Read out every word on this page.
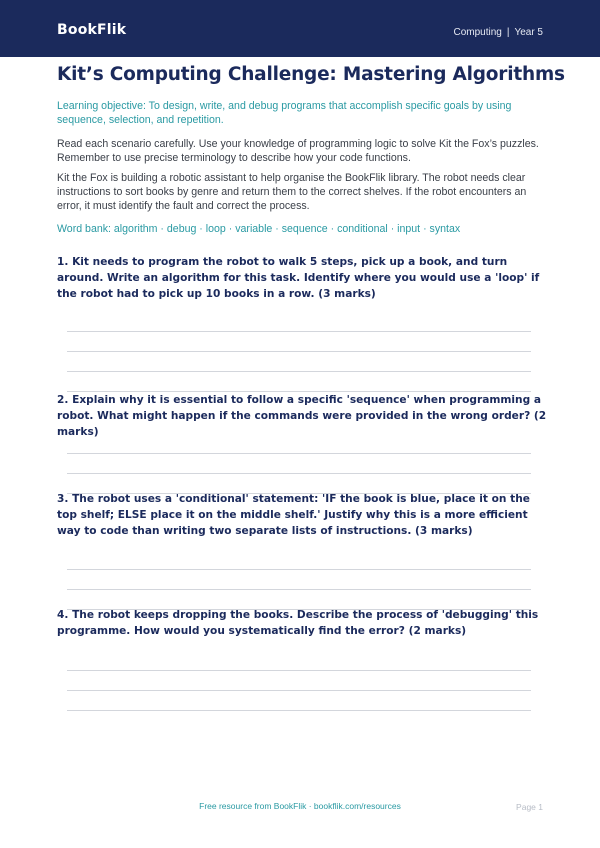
BookFlik	Computing | Year 5
Kit’s Computing Challenge: Mastering Algorithms
Learning objective: To design, write, and debug programs that accomplish specific goals by using sequence, selection, and repetition.
Read each scenario carefully. Use your knowledge of programming logic to solve Kit the Fox’s puzzles. Remember to use precise terminology to describe how your code functions.
Kit the Fox is building a robotic assistant to help organise the BookFlik library. The robot needs clear instructions to sort books by genre and return them to the correct shelves. If the robot encounters an error, it must identify the fault and correct the process.
Word bank: algorithm · debug · loop · variable · sequence · conditional · input · syntax
1. Kit needs to program the robot to walk 5 steps, pick up a book, and turn around. Write an algorithm for this task. Identify where you would use a 'loop' if the robot had to pick up 10 books in a row. (3 marks)
2. Explain why it is essential to follow a specific 'sequence' when programming a robot. What might happen if the commands were provided in the wrong order? (2 marks)
3. The robot uses a 'conditional' statement: 'IF the book is blue, place it on the top shelf; ELSE place it on the middle shelf.' Justify why this is a more efficient way to code than writing two separate lists of instructions. (3 marks)
4. The robot keeps dropping the books. Describe the process of 'debugging' this programme. How would you systematically find the error? (2 marks)
Free resource from BookFlik · bookflik.com/resources	Page 1
